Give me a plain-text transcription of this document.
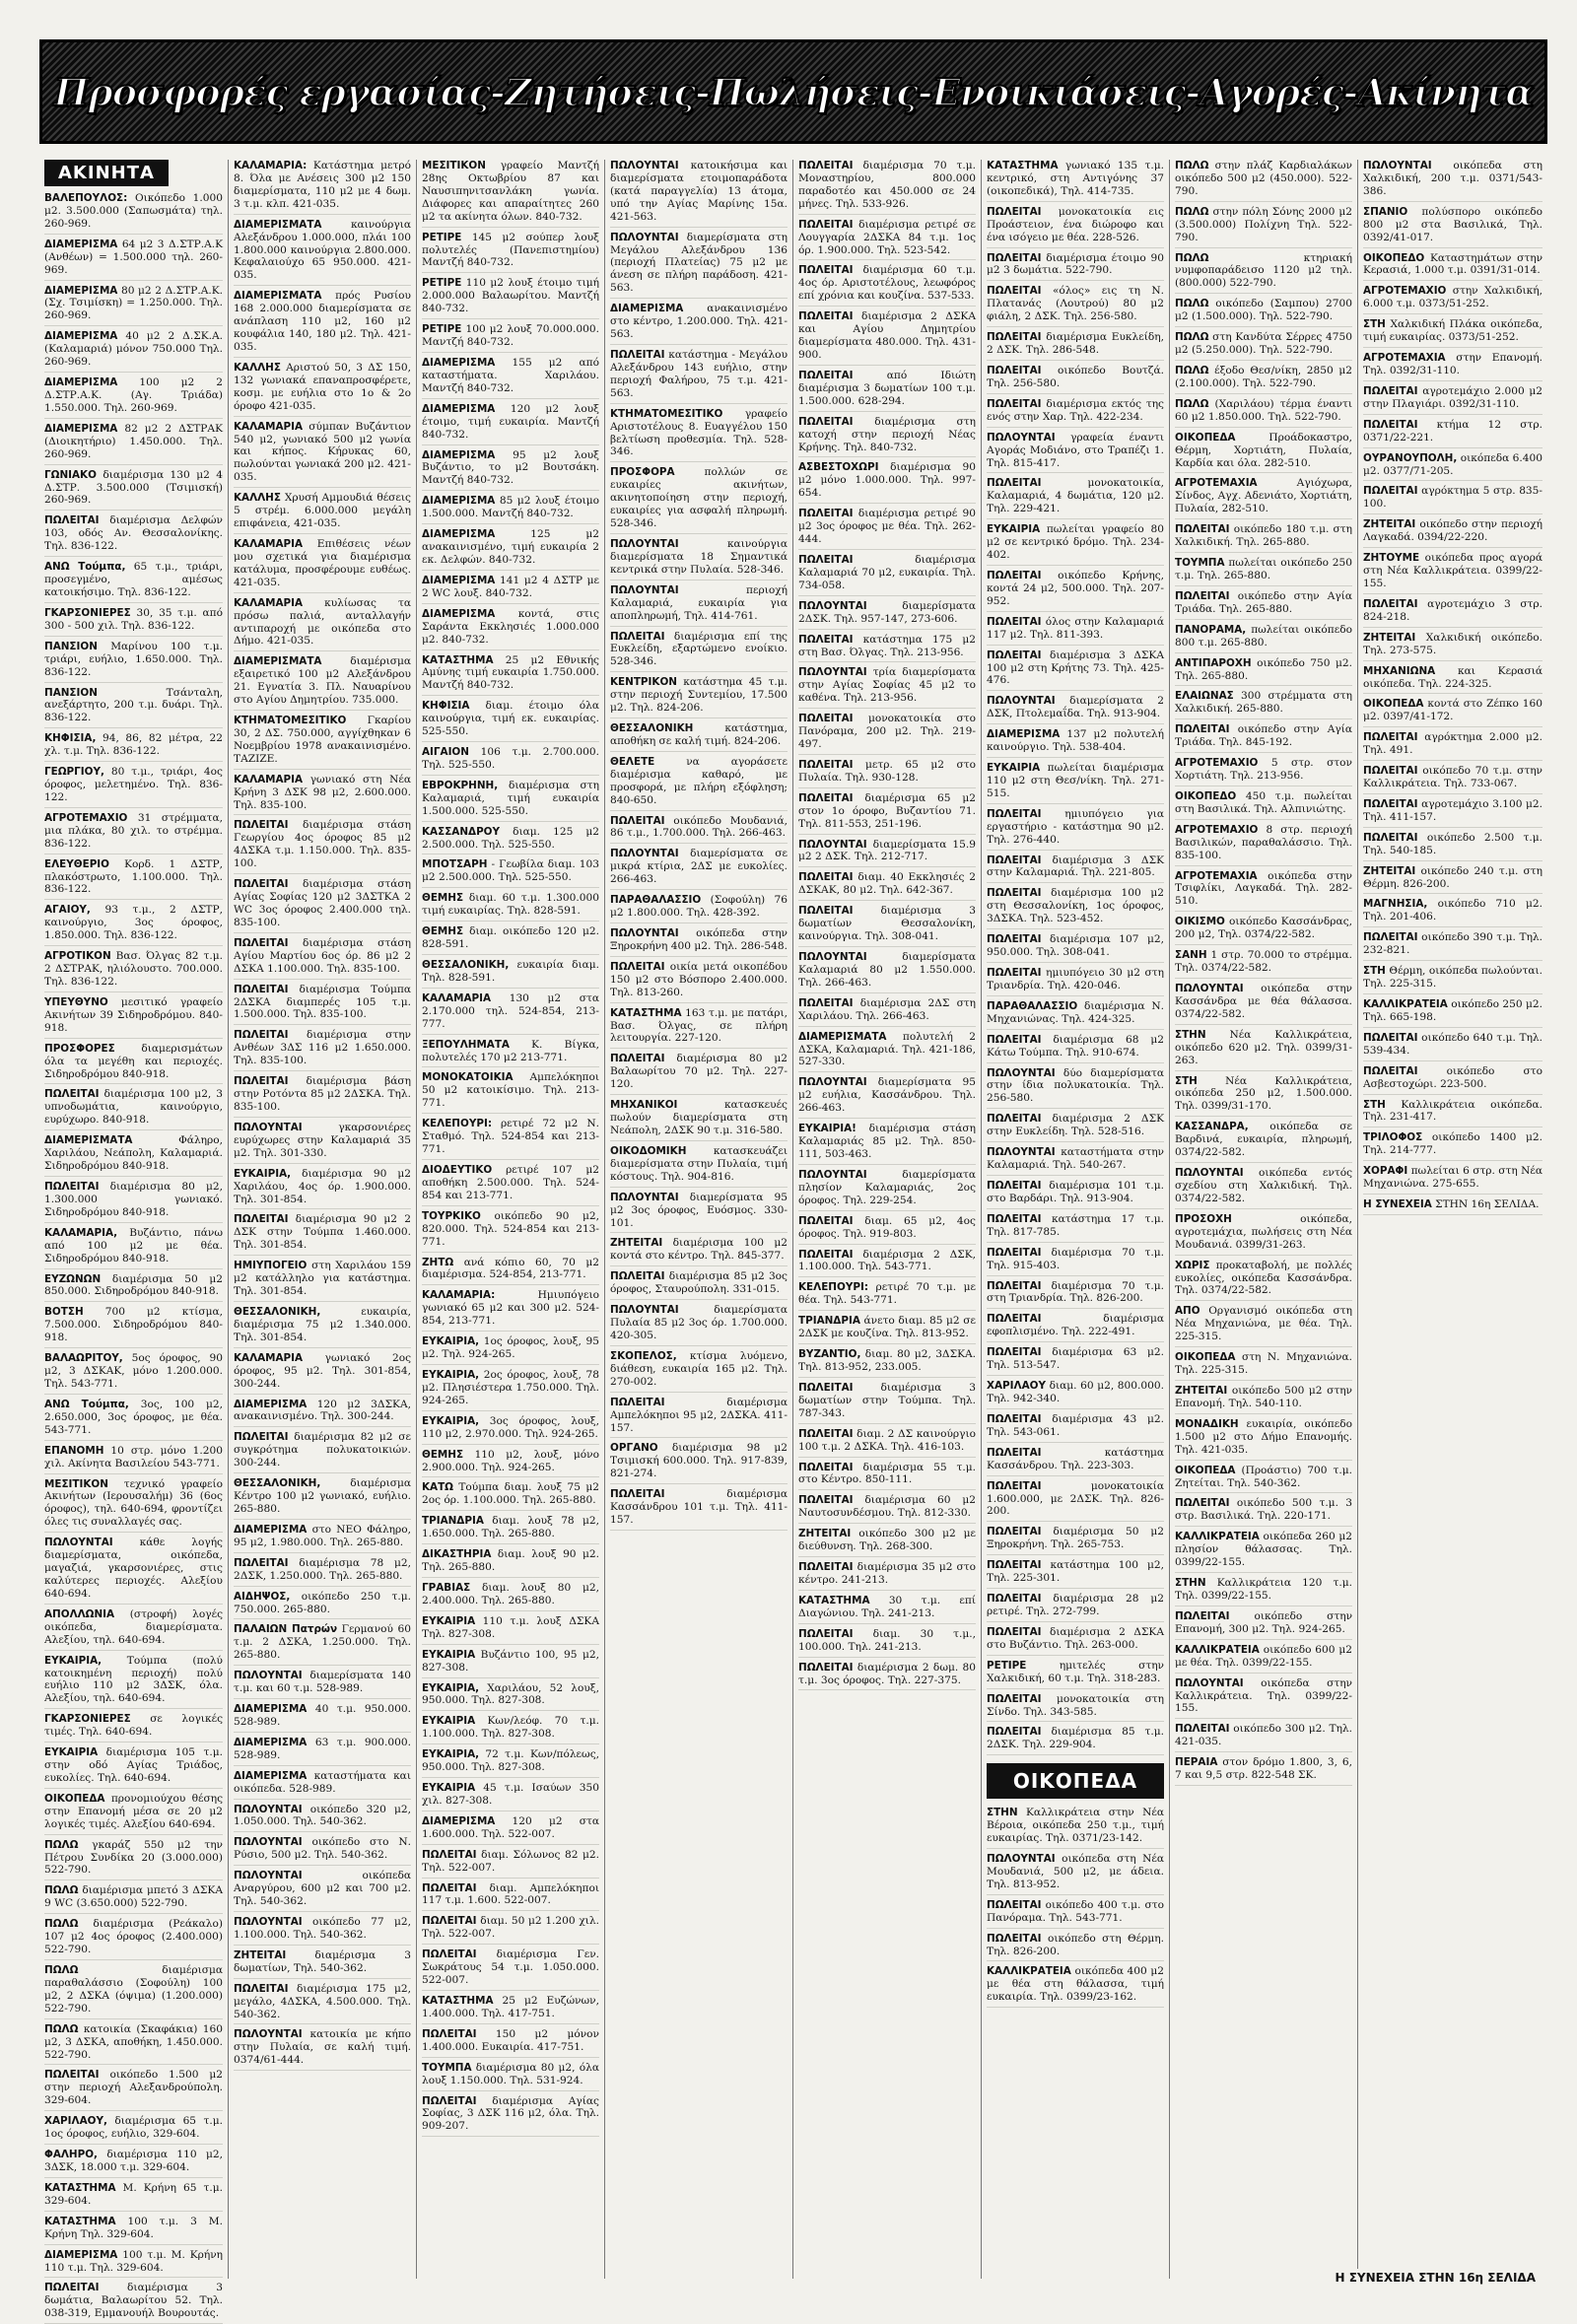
Προσφορές εργασίας-Ζητήσεις-Πωλήσεις-Ενοικιάσεις-Αγορές-Ακίνητα
ΑΚΙΝΗΤΑ

ΒΑΛΕΠΟΥΛΟΣ: Οικόπεδο 1.000 μ2. 3.500.000 (Σαπωσμάτα) τηλ. 260-969.

ΔΙΑΜΕΡΙΣΜΑ 64 μ2 3 Δ.ΣΤΡ.Α.Κ (Ανθέων) = 1.500.000 τηλ. 260-969.

ΔΙΑΜΕΡΙΣΜΑ 80 μ2 2 Δ.ΣΤΡ.Α.Κ. (Σχ. Τσιμίσκη) = 1.250.000. Τηλ. 260-969.

ΔΙΑΜΕΡΙΣΜΑ 40 μ2 2 Δ.ΣΚ.Α. (Καλαμαριά) μόνον 750.000 Τηλ. 260-969.

ΔΙΑΜΕΡΙΣΜΑ 100 μ2 2 Δ.ΣΤΡ.Α.Κ. (Αγ. Τριάδα) 1.550.000. Τηλ. 260-969.

ΔΙΑΜΕΡΙΣΜΑ 82 μ2 2 ΔΣΤΡΑΚ (Διοικητήριο) 1.450.000. Τηλ. 260-969.

ΓΩΝΙΑΚΟ διαμέρισμα 130 μ2 4 Δ.ΣΤΡ. 3.500.000 (Τσιμισκή) 260-969.

ΠΩΛΕΙΤΑΙ διαμέρισμα Δελφών 103, οδός Αν. Θεσσαλονίκης. Τηλ. 836-122.

ΑΝΩ Τούμπα, 65 τ.μ., τριάρι, προσεγμένο, αμέσως κατοικήσιμο. Τηλ. 836-122.

ΓΚΑΡΣΟΝΙΕΡΕΣ 30, 35 τ.μ. από 300 - 500 χιλ. Τηλ. 836-122.

ΠΑΝΣΙΟΝ Μαρίνου 100 τ.μ. τριάρι, ευήλιο, 1.650.000. Τηλ. 836-122.

ΠΑΝΣΙΟΝ	Τσάνταλη, ανεξάρτητο, 200 τ.μ. δυάρι. Τηλ. 836-122.

ΚΗΦΙΣΙΑ, 94, 86, 82 μέτρα, 22 χλ. τ.μ. Τηλ. 836-122.

ΓΕΩΡΓΙΟΥ, 80 τ.μ., τριάρι, 4ος όροφος, μελετημένο. Τηλ. 836-122.

ΑΓΡΟΤΕΜΑΧΙΟ 31 στρέμματα, μια πλάκα, 80 χιλ. το στρέμμα. 836-122.

ΕΛΕΥΘΕΡΙΟ Κορδ. 1 ΔΣΤΡ, πλακόστρωτο, 1.100.000. Τηλ. 836-122.

ΑΓΑΙΟΥ, 93 τ.μ., 2 ΔΣΤΡ, καινούργιο, 3ος όροφος, 1.850.000. Τηλ. 836-122.

ΑΓΡΟΤΙΚΟΝ Βασ. Όλγας 82 τ.μ. 2 ΔΣΤΡΑΚ, ηλιόλουστο. 700.000. Τηλ. 836-122.

ΥΠΕΥΘΥΝΟ μεσιτικό γραφείο Ακινήτων 39 Σιδηροδρόμου. 840-918.

ΠΡΟΣΦΟΡΕΣ	διαμερισμάτων όλα τα μεγέθη και περιοχές. Σιδηροδρόμου 840-918.

ΠΩΛΕΙΤΑΙ διαμέρισμα 100 μ2, 3 υπνοδωμάτια, καινούργιο, ευρύχωρο. 840-918.

ΔΙΑΜΕΡΙΣΜΑΤΑ	Φάληρο, Χαριλάου, Νεάπολη, Καλαμαριά. Σιδηροδρόμου 840-918.

ΠΩΛΕΙΤΑΙ διαμέρισμα 80 μ2, 1.300.000 γωνιακό. Σιδηροδρόμου 840-918.

ΚΑΛΑΜΑΡΙΑ, Βυζάντιο, πάνω από 100 μ2 με θέα. Σιδηροδρόμου 840-918.

ΕΥΖΩΝΩΝ διαμέρισμα 50 μ2 850.000. Σιδηροδρόμου 840-918.

ΒΟΤΣΗ 700 μ2 κτίσμα, 7.500.000. Σιδηροδρόμου 840-918.

ΒΑΛΑΩΡΙΤΟΥ, 5ος όροφος, 90 μ2, 3 ΔΣΚΑΚ, μόνο 1.200.000. Τηλ. 543-771.

ΑΝΩ Τούμπα, 3ος, 100 μ2, 2.650.000, 3ος όροφος, με θέα. 543-771.

ΕΠΑΝΟΜΗ 10 στρ. μόνο 1.200 χιλ. Ακίνητα Βασιλείου 543-771.

ΜΕΣΙΤΙΚΟΝ τεχνικό γραφείο Ακινήτων (Ιερουσαλήμ) 36 (6ος όροφος), τηλ. 640-694, φροντίζει όλες τις συναλλαγές σας.

ΠΩΛΟΥΝΤΑΙ	κάθε λογής διαμερίσματα, οικόπεδα, μαγαζιά, γκαρσονιέρες, στις καλύτερες περιοχές. Αλεξίου 640-694.

ΑΠΟΛΛΩΝΙΑ (στροφή) λογές οικόπεδα, διαμερίσματα. Αλεξίου, τηλ. 640-694.

ΕΥΚΑΙΡΙΑ, Τούμπα (πολύ κατοικημένη περιοχή) πολύ ευήλιο 110 μ2 3ΔΣΚ, όλα. Αλεξίου, τηλ. 640-694.

ΓΚΑΡΣΟΝΙΕΡΕΣ σε λογικές τιμές. Τηλ. 640-694.

ΕΥΚΑΙΡΙΑ διαμέρισμα 105 τ.μ. στην οδό Αγίας Τριάδος, ευκολίες. Τηλ. 640-694.

ΟΙΚΟΠΕΔΑ προνομιούχου θέσης στην Επανομή μέσα σε 20 μ2 λογικές τιμές. Αλεξίου 640-694.

ΠΩΛΩ γκαράζ 550 μ2 την Πέτρου Συνδίκα 20 (3.000.000) 522-790.

ΠΩΛΩ διαμέρισμα μπετό 3 ΔΣΚΑ 9 WC (3.650.000) 522-790.

ΠΩΛΩ διαμέρισμα (Ρεάκαλο) 107 μ2 4ος όροφος (2.400.000) 522-790.

ΠΩΛΩ	διαμέρισμα παραθαλάσσιο (Σοφούλη) 100 μ2, 2 ΔΣΚΑ (όψιμα) (1.200.000) 522-790.

ΠΩΛΩ κατοικία (Σκαφάκια) 160 μ2, 3 ΔΣΚΑ, αποθήκη, 1.450.000. 522-790.

ΠΩΛΕΙΤΑΙ οικόπεδο 1.500 μ2 στην περιοχή Αλεξανδρούπολη. 329-604.

ΧΑΡΙΛΑΟΥ, διαμέρισμα 65 τ.μ. 1ος όροφος, ευήλιο, 329-604.

ΦΑΛΗΡΟ, διαμέρισμα 110 μ2, 3ΔΣΚ, 18.000 τ.μ. 329-604.

ΚΑΤΑΣΤΗΜΑ Μ. Κρήνη 65 τ.μ. 329-604.

ΚΑΤΑΣΤΗΜΑ 100 τ.μ. 3 Μ. Κρήνη Τηλ. 329-604.

ΔΙΑΜΕΡΙΣΜΑ 100 τ.μ. Μ. Κρήνη 110 τ.μ. Τηλ. 329-604.

ΠΩΛΕΙΤΑΙ	διαμέρισμα 3 δωμάτια, Βαλαωρίτου 52. Τηλ. 038-319, Εμμανουήλ Βουρουτάς.

ΚΑΛΑΜΑΡΙΑ: Κατάστημα μετρό 8. Όλα με Ανέσεις 300 μ2 150 διαμερίσματα, 110 μ2 με 4 δωμ. 3 τ.μ. κλπ. 421-035.

ΔΙΑΜΕΡΙΣΜΑΤΑ	καινούργια Αλεξάνδρου 1.000.000, πλάι 100 1.800.000 καινούργια 2.800.000. Κεφαλαιούχο 65 950.000. 421-035.

ΔΙΑΜΕΡΙΣΜΑΤΑ πρός Ρυσίου 168 2.000.000 διαμερίσματα σε ανάπλαση 110 μ2, 160 μ2 κουφάλια 140, 180 μ2. Τηλ. 421-035.

ΚΑΛΛΗΣ Αριστού 50, 3 ΔΣ 150, 132 γωνιακά επαναπροσφέρετε, κοσμ. με ευήλια στο 1ο & 2ο όροφο 421-035.

ΚΑΛΑΜΑΡΙΑ σύμπαν Βυζάντιον 540 μ2, γωνιακό 500 μ2 γωνία και κήπος. Κήρυκας 60, πωλούνται γωνιακά 200 μ2. 421-035.

ΚΑΛΛΗΣ Χρυσή Αμμουδιά θέσεις 5 στρέμ. 6.000.000 μεγάλη επιφάνεια, 421-035.

ΚΑΛΑΜΑΡΙΑ Επιθέσεις νέων μου σχετικά για διαμέρισμα κατάλυμα, προσφέρουμε ευθέως. 421-035.

ΚΑΛΑΜΑΡΙΑ κυλίωσας τα πρόσω παλιά, ανταλλαγήν αντιπαροχή με οικόπεδα στο Δήμο. 421-035.

ΔΙΑΜΕΡΙΣΜΑΤΑ	διαμέρισμα εξαιρετικό 100 μ2 Αλεξάνδρου 21. Εγνατία 3. Πλ. Ναυαρίνου στο Αγίου Δημητρίου. 735.000.

ΚΤΗΜΑΤΟΜΕΣΙΤΙΚΟ Γκαρίου 30, 2 ΔΣ. 750.000, αγγίχθηκαν 6 Νοεμβρίου 1978 ανακαινισμένο. ΤΑΖΙΖΕ.

ΚΑΛΑΜΑΡΙΑ γωνιακό στη Νέα Κρήνη 3 ΔΣΚ 98 μ2, 2.600.000. Τηλ. 835-100.

ΠΩΛΕΙΤΑΙ διαμέρισμα στάση Γεωργίου 4ος όροφος 85 μ2 4ΔΣΚΑ τ.μ. 1.150.000. Τηλ. 835-100.

ΠΩΛΕΙΤΑΙ διαμέρισμα στάση Αγίας Σοφίας 120 μ2 3ΔΣΤΚΑ 2 WC 3ος όροφος 2.400.000 τηλ. 835-100.

ΠΩΛΕΙΤΑΙ διαμέρισμα στάση Αγίου Μαρτίου 6ος όρ. 86 μ2 2 ΔΣΚΑ 1.100.000. Τηλ. 835-100.

ΠΩΛΕΙΤΑΙ διαμέρισμα Τούμπα 2ΔΣΚΑ διαμπερές 105 τ.μ. 1.500.000. Τηλ. 835-100.

ΠΩΛΕΙΤΑΙ διαμέρισμα στην Ανθέων 3ΔΣ 116 μ2 1.650.000. Τηλ. 835-100.

ΠΩΛΕΙΤΑΙ διαμέρισμα βάση στην Ροτόντα 85 μ2 2ΔΣΚΑ. Τηλ. 835-100.

ΠΩΛΟΥΝΤΑΙ	γκαρσονιέρες ευρύχωρες στην Καλαμαριά 35 μ2. Τηλ. 301-330.

ΕΥΚΑΙΡΙΑ, διαμέρισμα 90 μ2 Χαριλάου, 4ος όρ. 1.900.000. Τηλ. 301-854.

ΠΩΛΕΙΤΑΙ διαμέρισμα 90 μ2 2 ΔΣΚ στην Τούμπα 1.460.000. Τηλ. 301-854.

ΗΜΙΥΠΟΓΕΙΟ στη Χαριλάου 159 μ2 κατάλληλο για κατάστημα. Τηλ. 301-854.

ΘΕΣΣΑΛΟΝΙΚΗ,	ευκαιρία, διαμέρισμα 75 μ2 1.340.000. Τηλ. 301-854.

ΚΑΛΑΜΑΡΙΑ γωνιακό 2ος όροφος, 95 μ2. Τηλ. 301-854, 300-244.

ΔΙΑΜΕΡΙΣΜΑ 120 μ2 3ΔΣΚΑ, ανακαινισμένο. Τηλ. 300-244.

ΠΩΛΕΙΤΑΙ διαμέρισμα 82 μ2 σε συγκρότημα πολυκατοικιών. 300-244.

ΘΕΣΣΑΛΟΝΙΚΗ,	διαμέρισμα Κέντρο 100 μ2 γωνιακό, ευήλιο. 265-880.

ΔΙΑΜΕΡΙΣΜΑ στο ΝΕΟ Φάληρο, 95 μ2, 1.980.000. Τηλ. 265-880.

ΠΩΛΕΙΤΑΙ διαμέρισμα 78 μ2, 2ΔΣΚ, 1.250.000. Τηλ. 265-880.

ΑΙΔΗΨΟΣ, οικόπεδο 250 τ.μ. 750.000. 265-880.

ΠΑΛΑΙΩΝ Πατρών Γερμανού 60 τ.μ. 2 ΔΣΚΑ, 1.250.000. Τηλ. 265-880.

ΠΩΛΟΥΝΤΑΙ διαμερίσματα 140 τ.μ. και 60 τ.μ. 528-989.

ΔΙΑΜΕΡΙΣΜΑ 40 τ.μ. 950.000. 528-989.

ΔΙΑΜΕΡΙΣΜΑ 63 τ.μ. 900.000. 528-989.

ΔΙΑΜΕΡΙΣΜΑ καταστήματα και οικόπεδα. 528-989.

ΠΩΛΟΥΝΤΑΙ οικόπεδο 320 μ2, 1.050.000. Τηλ. 540-362.

ΠΩΛΟΥΝΤΑΙ οικόπεδο στο Ν. Ρύσιο, 500 μ2. Τηλ. 540-362.

ΠΩΛΟΥΝΤΑΙ	οικόπεδα Αναργύρου, 600 μ2 και 700 μ2. Τηλ. 540-362.

ΠΩΛΟΥΝΤΑΙ οικόπεδο 77 μ2, 1.100.000. Τηλ. 540-362.

ΖΗΤΕΙΤΑΙ	διαμέρισμα 3 δωματίων, Τηλ. 540-362.

ΠΩΛΕΙΤΑΙ διαμέρισμα 175 μ2, μεγάλο, 4ΔΣΚΑ, 4.500.000. Τηλ. 540-362.

ΠΩΛΟΥΝΤΑΙ κατοικία με κήπο στην Πυλαία, σε καλή τιμή. 0374/61-444.

ΜΕΣΙΤΙΚΟΝ γραφείο Μαντζή 28ης Οκτωβρίου 87 και Ναυσιπηνιτσανλάκη γωνία. Διάφορες και απαραίτητες 260 μ2 τα ακίνητα όλων. 840-732.

ΡΕΤΙΡΕ 145 μ2 σούπερ λουξ πολυτελές (Πανεπιστημίου) Μαντζή 840-732.

ΡΕΤΙΡΕ 110 μ2 λουξ έτοιμο τιμή 2.000.000 Βαλαωρίτου. Μαντζή 840-732.

ΡΕΤΙΡΕ 100 μ2 λουξ 70.000.000. Μαντζή 840-732.

ΔΙΑΜΕΡΙΣΜΑ 155 μ2 από καταστήματα. Χαριλάου. Μαντζή 840-732.

ΔΙΑΜΕΡΙΣΜΑ 120 μ2 λουξ έτοιμο, τιμή ευκαιρία. Μαντζή 840-732.

ΔΙΑΜΕΡΙΣΜΑ 95 μ2 λουξ Βυζάντιο, το μ2 Βουτσάκη. Μαντζή 840-732.

ΔΙΑΜΕΡΙΣΜΑ 85 μ2 λουξ έτοιμο 1.500.000. Μαντζή 840-732.

ΔΙΑΜΕΡΙΣΜΑ	125 μ2 ανακαινισμένο, τιμή ευκαιρία 2 εκ. Δελφών. 840-732.

ΔΙΑΜΕΡΙΣΜΑ 141 μ2 4 ΔΣΤΡ με 2 WC λουξ. 840-732.

ΔΙΑΜΕΡΙΣΜΑ κοντά, στις Σαράντα Εκκλησιές 1.000.000 μ2. 840-732.

ΚΑΤΑΣΤΗΜΑ 25 μ2 Εθνικής Αμύνης τιμή ευκαιρία 1.750.000. Μαντζή 840-732.

ΚΗΦΙΣΙΑ διαμ. έτοιμο όλα καινούργια, τιμή εκ. ευκαιρίας. 525-550.

ΑΙΓΑΙΟΝ 106 τ.μ. 2.700.000. Τηλ. 525-550.

ΕΒΡΟΚΡΗΝΗ, διαμέρισμα στη Καλαμαριά, τιμή ευκαιρία 1.500.000. 525-550.

ΚΑΣΣΑΝΔΡΟΥ διαμ. 125 μ2 2.500.000. Τηλ. 525-550.

ΜΠΟΤΣΑΡΗ - Γεωβίλα διαμ. 103 μ2 2.500.000. Τηλ. 525-550.

ΘΕΜΗΣ διαμ. 60 τ.μ. 1.300.000 τιμή ευκαιρίας. Τηλ. 828-591.

ΘΕΜΗΣ διαμ. οικόπεδο 120 μ2. 828-591.

ΘΕΣΣΑΛΟΝΙΚΗ, ευκαιρία διαμ. Τηλ. 828-591.

ΚΑΛΑΜΑΡΙΑ 130 μ2 στα 2.170.000 τηλ. 524-854, 213-777.

ΞΕΠΟΥΛΗΜΑΤΑ Κ. Βίγκα, πολυτελές 170 μ2 213-771.

ΜΟΝΟΚΑΤΟΙΚΙΑ Αμπελόκηποι 50 μ2 κατοικίσιμο. Τηλ. 213-771.

ΚΕΛΕΠΟΥΡΙ: ρετιρέ 72 μ2 Ν. Σταθμό. Τηλ. 524-854 και 213-771.

ΔΙΟΔΕΥΤΙΚΟ ρετιρέ 107 μ2 αποθήκη 2.500.000. Τηλ. 524-854 και 213-771.

ΤΟΥΡΚΙΚΟ οικόπεδο 90 μ2, 820.000. Τηλ. 524-854 και 213-771.

ΖΗΤΩ ανά κόπιο 60, 70 μ2 διαμέρισμα. 524-854, 213-771.

ΚΑΛΑΜΑΡΙΑ:	Ημιυπόγειο γωνιακό 65 μ2 και 300 μ2. 524-854, 213-771.

ΕΥΚΑΙΡΙΑ, 1ος όροφος, λουξ, 95 μ2. Τηλ. 924-265.

ΕΥΚΑΙΡΙΑ, 2ος όροφος, λουξ, 78 μ2. Πλησιέστερα 1.750.000. Τηλ. 924-265.

ΕΥΚΑΙΡΙΑ, 3ος όροφος, λουξ, 110 μ2, 2.970.000. Τηλ. 924-265.

ΘΕΜΗΣ 110 μ2, λουξ, μόνο 2.900.000. Τηλ. 924-265.

ΚΑΤΩ Τούμπα διαμ. λουξ 75 μ2 2ος όρ. 1.100.000. Τηλ. 265-880.

ΤΡΙΑΝΔΡΙΑ διαμ. λουξ 78 μ2, 1.650.000. Τηλ. 265-880.

ΔΙΚΑΣΤΗΡΙΑ διαμ. λουξ 90 μ2. Τηλ. 265-880.

ΓΡΑΒΙΑΣ διαμ. λουξ 80 μ2, 2.400.000. Τηλ. 265-880.

ΕΥΚΑΙΡΙΑ 110 τ.μ. λουξ ΔΣΚΑ Τηλ. 827-308.

ΕΥΚΑΙΡΙΑ Βυζάντιο 100, 95 μ2, 827-308.

ΕΥΚΑΙΡΙΑ, Χαριλάου, 52 λουξ, 950.000. Τηλ. 827-308.

ΕΥΚΑΙΡΙΑ Κων/λεόφ. 70 τ.μ. 1.100.000. Τηλ. 827-308.

ΕΥΚΑΙΡΙΑ, 72 τ.μ. Κων/πόλεως, 950.000. Τηλ. 827-308.

ΕΥΚΑΙΡΙΑ 45 τ.μ. Ισαύων 350 χιλ. 827-308.

ΔΙΑΜΕΡΙΣΜΑ 120 μ2 στα 1.600.000. Τηλ. 522-007.

ΠΩΛΕΙΤΑΙ διαμ. Σόλωνος 82 μ2. Τηλ. 522-007.

ΠΩΛΕΙΤΑΙ διαμ. Αμπελόκηποι 117 τ.μ. 1.600. 522-007.

ΠΩΛΕΙΤΑΙ διαμ. 50 μ2 1.200 χιλ. Τηλ. 522-007.

ΠΩΛΕΙΤΑΙ διαμέρισμα Γεν. Σωκράτους 54 τ.μ. 1.050.000. 522-007.

ΚΑΤΑΣΤΗΜΑ 25 μ2 Ευζώνων, 1.400.000. Τηλ. 417-751.

ΠΩΛΕΙΤΑΙ 150 μ2 μόνον 1.400.000. Ευκαιρία. 417-751.

ΤΟΥΜΠΑ διαμέρισμα 80 μ2, όλα λουξ 1.150.000. Τηλ. 531-924.

ΠΩΛΕΙΤΑΙ διαμέρισμα Αγίας Σοφίας, 3 ΔΣΚ 116 μ2, όλα. Τηλ. 909-207.

ΠΩΛΟΥΝΤΑΙ κατοικήσιμα και διαμερίσματα ετοιμοπαράδοτα (κατά παραγγελία) 13 άτομα, υπό την Αγίας Μαρίνης 15α. 421-563.

ΠΩΛΟΥΝΤΑΙ διαμερίσματα στη Μεγάλου Αλεξάνδρου 136 (περιοχή Πλατείας) 75 μ2 με άνεση σε πλήρη παράδοση. 421-563.

ΔΙΑΜΕΡΙΣΜΑ ανακαινισμένο στο κέντρο, 1.200.000. Τηλ. 421-563.

ΠΩΛΕΙΤΑΙ κατάστημα - Μεγάλου Αλεξάνδρου 143 ευήλιο, στην περιοχή Φαλήρου, 75 τ.μ. 421-563.

ΚΤΗΜΑΤΟΜΕΣΙΤΙΚΟ γραφείο Αριστοτέλους 8. Ευαγγέλου 150 βελτίωση προθεσμία. Τηλ. 528-346.

ΠΡΟΣΦΟΡΑ	πολλών σε ευκαιρίες ακινήτων, ακινητοποίηση στην περιοχή, ευκαιρίες για ασφαλή πληρωμή. 528-346.

ΠΩΛΟΥΝΤΑΙ	καινούργια διαμερίσματα 18 Σημαντικά κεντρικά στην Πυλαία. 528-346.

ΠΩΛΟΥΝΤΑΙ	περιοχή Καλαμαριά, ευκαιρία για αποπληρωμή, Τηλ. 414-761.

ΠΩΛΕΙΤΑΙ διαμέρισμα επί της Ευκλείδη, εξαρτώμενο ενοίκιο. 528-346.

ΚΕΝΤΡΙΚΟΝ κατάστημα 45 τ.μ. στην περιοχή Συντεμίου, 17.500 μ2. Τηλ. 824-206.

ΘΕΣΣΑΛΟΝΙΚΗ	κατάστημα, αποθήκη σε καλή τιμή. 824-206.

ΘΕΛΕΤΕ	να αγοράσετε διαμέρισμα καθαρό, με προσφορά, με πλήρη εξόφληση; 840-650.

ΠΩΛΕΙΤΑΙ οικόπεδο Μουδανιά, 86 τ.μ., 1.700.000. Τηλ. 266-463.

ΠΩΛΟΥΝΤΑΙ διαμερίσματα σε μικρά κτίρια, 2ΔΣ με ευκολίες. 266-463.

ΠΑΡΑΘΑΛΑΣΣΙΟ (Σοφούλη) 76 μ2 1.800.000. Τηλ. 428-392.

ΠΩΛΟΥΝΤΑΙ οικόπεδα στην Ξηροκρήνη 400 μ2. Τηλ. 286-548.

ΠΩΛΕΙΤΑΙ οικία μετά οικοπέδου 150 μ2 στο Βόσπορο 2.400.000. Τηλ. 813-260.

ΚΑΤΑΣΤΗΜΑ 163 τ.μ. με πατάρι, Βασ. Όλγας, σε πλήρη λειτουργία. 227-120.

ΠΩΛΕΙΤΑΙ διαμέρισμα 80 μ2 Βαλαωρίτου 70 μ2. Τηλ. 227-120.

ΜΗΧΑΝΙΚΟΙ	κατασκευές πωλούν διαμερίσματα στη Νεάπολη, 2ΔΣΚ 90 τ.μ. 316-580.

ΟΙΚΟΔΟΜΙΚΗ	κατασκευάζει διαμερίσματα στην Πυλαία, τιμή κόστους. Τηλ. 904-816.

ΠΩΛΟΥΝΤΑΙ διαμερίσματα 95 μ2 3ος όροφος, Ευόσμος. 330-101.

ΖΗΤΕΙΤΑΙ διαμέρισμα 100 μ2 κοντά στο κέντρο. Τηλ. 845-377.

ΠΩΛΕΙΤΑΙ διαμέρισμα 85 μ2 3ος όροφος, Σταυρούπολη. 331-015.

ΠΩΛΟΥΝΤΑΙ	διαμερίσματα Πυλαία 85 μ2 3ος όρ. 1.700.000. 420-305.

ΣΚΟΠΕΛΟΣ, κτίσμα λυόμενο, διάθεση, ευκαιρία 165 μ2. Τηλ. 270-002.

ΠΩΛΕΙΤΑΙ	διαμέρισμα Αμπελόκηποι 95 μ2, 2ΔΣΚΑ. 411-157.

ΟΡΓΑΝΟ διαμέρισμα 98 μ2 Τσιμισκή 600.000. Τηλ. 917-839, 821-274.

ΠΩΛΕΙΤΑΙ	διαμέρισμα Κασσάνδρου 101 τ.μ. Τηλ. 411-157.

ΠΩΛΕΙΤΑΙ διαμέρισμα 70 τ.μ. Μοναστηρίου, 800.000 παραδοτέο και 450.000 σε 24 μήνες. Τηλ. 533-926.

ΠΩΛΕΙΤΑΙ διαμέρισμα ρετιρέ σε Λουγγαρία 2ΔΣΚΑ 84 τ.μ. 1ος όρ. 1.900.000. Τηλ. 523-542.

ΠΩΛΕΙΤΑΙ διαμέρισμα 60 τ.μ. 4ος όρ. Αριστοτέλους, λεωφόρος επί χρόνια και κουζίνα. 537-533.

ΠΩΛΕΙΤΑΙ διαμέρισμα 2 ΔΣΚΑ και Αγίου Δημητρίου διαμερίσματα 480.000. Τηλ. 431-900.

ΠΩΛΕΙΤΑΙ	από Ιδιώτη διαμέρισμα 3 δωματίων 100 τ.μ. 1.500.000. 628-294.

ΠΩΛΕΙΤΑΙ διαμέρισμα στη κατοχή στην περιοχή Νέας Κρήνης. Τηλ. 840-732.

ΑΣΒΕΣΤΟΧΩΡΙ διαμέρισμα 90 μ2 μόνο 1.000.000. Τηλ. 997-654.

ΠΩΛΕΙΤΑΙ διαμέρισμα ρετιρέ 90 μ2 3ος όροφος με θέα. Τηλ. 262-444.

ΠΩΛΕΙΤΑΙ	διαμέρισμα Καλαμαριά 70 μ2, ευκαιρία. Τηλ. 734-058.

ΠΩΛΟΥΝΤΑΙ	διαμερίσματα 2ΔΣΚ. Τηλ. 957-147, 273-606.

ΠΩΛΕΙΤΑΙ κατάστημα 175 μ2 στη Βασ. Όλγας. Τηλ. 213-956.

ΠΩΛΟΥΝΤΑΙ τρία διαμερίσματα στην Αγίας Σοφίας 45 μ2 το καθένα. Τηλ. 213-956.

ΠΩΛΕΙΤΑΙ μονοκατοικία στο Πανόραμα, 200 μ2. Τηλ. 219-497.

ΠΩΛΕΙΤΑΙ μετρ. 65 μ2 στο Πυλαία. Τηλ. 930-128.

ΠΩΛΕΙΤΑΙ διαμέρισμα 65 μ2 στον 1ο όροφο, Βυζαντίου 71. Τηλ. 811-553, 251-196.

ΠΩΛΟΥΝΤΑΙ διαμερίσματα 15.9 μ2 2 ΔΣΚ. Τηλ. 212-717.

ΠΩΛΕΙΤΑΙ διαμ. 40 Εκκλησιές 2 ΔΣΚΑΚ, 80 μ2. Τηλ. 642-367.

ΠΩΛΕΙΤΑΙ	διαμέρισμα 3 δωματίων Θεσσαλονίκη, καινούργια. Τηλ. 308-041.

ΠΩΛΟΥΝΤΑΙ	διαμερίσματα Καλαμαριά 80 μ2 1.550.000. Τηλ. 266-463.

ΠΩΛΕΙΤΑΙ διαμέρισμα 2ΔΣ στη Χαριλάου. Τηλ. 266-463.

ΔΙΑΜΕΡΙΣΜΑΤΑ πολυτελή 2 ΔΣΚΑ, Καλαμαριά. Τηλ. 421-186, 527-330.

ΠΩΛΟΥΝΤΑΙ διαμερίσματα 95 μ2 ευήλια, Κασσάνδρου. Τηλ. 266-463.

ΕΥΚΑΙΡΙΑ! διαμέρισμα στάση Καλαμαριάς 85 μ2. Τηλ. 850-111, 503-463.

ΠΩΛΟΥΝΤΑΙ	διαμερίσματα πλησίον Καλαμαριάς, 2ος όροφος. Τηλ. 229-254.

ΠΩΛΕΙΤΑΙ διαμ. 65 μ2, 4ος όροφος. Τηλ. 919-803.

ΠΩΛΕΙΤΑΙ διαμέρισμα 2 ΔΣΚ, 1.100.000. Τηλ. 543-771.

ΚΕΛΕΠΟΥΡΙ: ρετιρέ 70 τ.μ. με θέα. Τηλ. 543-771.

ΤΡΙΑΝΔΡΙΑ άνετο διαμ. 85 μ2 σε 2ΔΣΚ με κουζίνα. Τηλ. 813-952.

ΒΥΖΑΝΤΙΟ, διαμ. 80 μ2, 3ΔΣΚΑ. Τηλ. 813-952, 233.005.

ΠΩΛΕΙΤΑΙ	διαμέρισμα 3 δωματίων στην Τούμπα. Τηλ. 787-343.

ΠΩΛΕΙΤΑΙ διαμ. 2 ΔΣ καινούργιο 100 τ.μ. 2 ΔΣΚΑ. Τηλ. 416-103.

ΠΩΛΕΙΤΑΙ διαμέρισμα 55 τ.μ. στο Κέντρο. 850-111.

ΠΩΛΕΙΤΑΙ διαμέρισμα 60 μ2 Ναυτοσυνδέσμου. Τηλ. 812-330.

ΖΗΤΕΙΤΑΙ οικόπεδο 300 μ2 με διεύθυνση. Τηλ. 268-300.

ΠΩΛΕΙΤΑΙ διαμέρισμα 35 μ2 στο κέντρο. 241-213.

ΚΑΤΑΣΤΗΜΑ 30 τ.μ. επί Διαγώνιου. Τηλ. 241-213.

ΠΩΛΕΙΤΑΙ διαμ. 30 τ.μ., 100.000. Τηλ. 241-213.

ΠΩΛΕΙΤΑΙ διαμέρισμα 2 δωμ. 80 τ.μ. 3ος όροφος. Τηλ. 227-375.

ΚΑΤΑΣΤΗΜΑ γωνιακό 135 τ.μ. κεντρικό, στη Αντιγόνης 37 (οικοπεδικά), Τηλ. 414-735.

ΠΩΛΕΙΤΑΙ μονοκατοικία εις Προάστειον, ένα διώροφο και ένα ισόγειο με θέα. 228-526.

ΠΩΛΕΙΤΑΙ διαμέρισμα έτοιμο 90 μ2 3 δωμάτια. 522-790.

ΠΩΛΕΙΤΑΙ «όλος» εις τη Ν. Πλατανάς (Λουτρού) 80 μ2 φιάλη, 2 ΔΣΚ. Τηλ. 256-580.

ΠΩΛΕΙΤΑΙ διαμέρισμα Ευκλείδη, 2 ΔΣΚ. Τηλ. 286-548.

ΠΩΛΕΙΤΑΙ οικόπεδο Βουτζά. Τηλ. 256-580.

ΠΩΛΕΙΤΑΙ διαμέρισμα εκτός της ενός στην Χαρ. Τηλ. 422-234.

ΠΩΛΟΥΝΤΑΙ γραφεία έναντι Αγοράς Μοδιάνο, στο Τραπέζι 1. Τηλ. 815-417.

ΠΩΛΕΙΤΑΙ	μονοκατοικία, Καλαμαριά, 4 δωμάτια, 120 μ2. Τηλ. 229-421.

ΕΥΚΑΙΡΙΑ πωλείται γραφείο 80 μ2 σε κεντρικό δρόμο. Τηλ. 234-402.

ΠΩΛΕΙΤΑΙ οικόπεδο Κρήνης, κοντά 24 μ2, 500.000. Τηλ. 207-952.

ΠΩΛΕΙΤΑΙ όλος στην Καλαμαριά 117 μ2. Τηλ. 811-393.

ΠΩΛΕΙΤΑΙ διαμέρισμα 3 ΔΣΚΑ 100 μ2 στη Κρήτης 73. Τηλ. 425-476.

ΠΩΛΟΥΝΤΑΙ διαμερίσματα 2 ΔΣΚ, Πτολεμαΐδα. Τηλ. 913-904.

ΔΙΑΜΕΡΙΣΜΑ 137 μ2 πολυτελή καινούργιο. Τηλ. 538-404.

ΕΥΚΑΙΡΙΑ πωλείται διαμέρισμα 110 μ2 στη Θεσ/νίκη. Τηλ. 271-515.

ΠΩΛΕΙΤΑΙ ημιυπόγειο για εργαστήριο - κατάστημα 90 μ2. Τηλ. 276-440.

ΠΩΛΕΙΤΑΙ διαμέρισμα 3 ΔΣΚ στην Καλαμαριά. Τηλ. 221-805.

ΠΩΛΕΙΤΑΙ διαμέρισμα 100 μ2 στη Θεσσαλονίκη, 1ος όροφος, 3ΔΣΚΑ. Τηλ. 523-452.

ΠΩΛΕΙΤΑΙ διαμέρισμα 107 μ2, 950.000. Τηλ. 308-041.

ΠΩΛΕΙΤΑΙ ημιυπόγειο 30 μ2 στη Τριανδρία. Τηλ. 420-046.

ΠΑΡΑΘΑΛΑΣΣΙΟ διαμέρισμα Ν. Μηχανιώνας. Τηλ. 424-325.

ΠΩΛΕΙΤΑΙ διαμέρισμα 68 μ2 Κάτω Τούμπα. Τηλ. 910-674.

ΠΩΛΟΥΝΤΑΙ δύο διαμερίσματα στην ίδια πολυκατοικία. Τηλ. 256-580.

ΠΩΛΕΙΤΑΙ διαμέρισμα 2 ΔΣΚ στην Ευκλείδη. Τηλ. 528-516.

ΠΩΛΟΥΝΤΑΙ καταστήματα στην Καλαμαριά. Τηλ. 540-267.

ΠΩΛΕΙΤΑΙ διαμέρισμα 101 τ.μ. στο Βαρδάρι. Τηλ. 913-904.

ΠΩΛΕΙΤΑΙ κατάστημα 17 τ.μ. Τηλ. 817-785.

ΠΩΛΕΙΤΑΙ διαμέρισμα 70 τ.μ. Τηλ. 915-403.

ΠΩΛΕΙΤΑΙ διαμέρισμα 70 τ.μ. στη Τριανδρία. Τηλ. 826-200.

ΠΩΛΕΙΤΑΙ	διαμέρισμα εφοπλισμένο. Τηλ. 222-491.

ΠΩΛΕΙΤΑΙ διαμέρισμα 63 μ2. Τηλ. 513-547.

ΧΑΡΙΛΑΟΥ διαμ. 60 μ2, 800.000. Τηλ. 942-340.

ΠΩΛΕΙΤΑΙ διαμέρισμα 43 μ2. Τηλ. 543-061.

ΠΩΛΕΙΤΑΙ	κατάστημα Κασσάνδρου. Τηλ. 223-303.

ΠΩΛΕΙΤΑΙ	μονοκατοικία 1.600.000, με 2ΔΣΚ. Τηλ. 826-200.

ΠΩΛΕΙΤΑΙ διαμέρισμα 50 μ2 Ξηροκρήνη. Τηλ. 265-753.

ΠΩΛΕΙΤΑΙ κατάστημα 100 μ2, Τηλ. 225-301.

ΠΩΛΕΙΤΑΙ διαμέρισμα 28 μ2 ρετιρέ. Τηλ. 272-799.

ΠΩΛΕΙΤΑΙ διαμέρισμα 2 ΔΣΚΑ στο Βυζάντιο. Τηλ. 263-000.

ΡΕΤΙΡΕ	ημιτελές στην Χαλκιδική, 60 τ.μ. Τηλ. 318-283.

ΠΩΛΕΙΤΑΙ μονοκατοικία στη Σίνδο. Τηλ. 343-585.

ΠΩΛΕΙΤΑΙ διαμέρισμα 85 τ.μ. 2ΔΣΚ. Τηλ. 229-904.

ΟΙΚΟΠΕΔΑ

ΣΤΗΝ Καλλικράτεια στην Νέα Βέροια, οικόπεδα 250 τ.μ., τιμή ευκαιρίας. Τηλ. 0371/23-142.

ΠΩΛΟΥΝΤΑΙ οικόπεδα στη Νέα Μουδανιά, 500 μ2, με άδεια. Τηλ. 813-952.

ΠΩΛΕΙΤΑΙ οικόπεδο 400 τ.μ. στο Πανόραμα. Τηλ. 543-771.

ΠΩΛΕΙΤΑΙ οικόπεδο στη Θέρμη. Τηλ. 826-200.

ΚΑΛΛΙΚΡΑΤΕΙΑ οικόπεδα 400 μ2 με θέα στη θάλασσα, τιμή ευκαιρία. Τηλ. 0399/23-162.

ΠΩΛΩ στην πλάζ Καρδιαλάκων οικόπεδο 500 μ2 (450.000). 522-790.

ΠΩΛΩ στην πόλη Σόνης 2000 μ2 (3.500.000) Πολίχνη Τηλ. 522-790.

ΠΩΛΩ	κτηριακή νυμφοπαράδεισο 1120 μ2 τηλ. (800.000) 522-790.

ΠΩΛΩ οικόπεδο (Σαμπου) 2700 μ2 (1.500.000). Τηλ. 522-790.

ΠΩΛΩ στη Κανδύτα Σέρρες 4750 μ2 (5.250.000). Τηλ. 522-790.

ΠΩΛΩ έξοδο Θεσ/νίκη, 2850 μ2 (2.100.000). Τηλ. 522-790.

ΠΩΛΩ (Χαριλάου) τέρμα έναντι 60 μ2 1.850.000. Τηλ. 522-790.

ΟΙΚΟΠΕΔΑ	Προάδοκαστρο, Θέρμη, Χορτιάτη, Πυλαία, Καρδία και όλα. 282-510.

ΑΓΡΟΤΕΜΑΧΙΑ	Αγιόχωρα, Σίνδος, Αγχ. Αδενιάτο, Χορτιάτη, Πυλαία, 282-510.

ΠΩΛΕΙΤΑΙ οικόπεδο 180 τ.μ. στη Χαλκιδική. Τηλ. 265-880.

ΤΟΥΜΠΑ πωλείται οικόπεδο 250 τ.μ. Τηλ. 265-880.

ΠΩΛΕΙΤΑΙ οικόπεδο στην Αγία Τριάδα. Τηλ. 265-880.

ΠΑΝΟΡΑΜΑ, πωλείται οικόπεδο 800 τ.μ. 265-880.

ΑΝΤΙΠΑΡΟΧΗ οικόπεδο 750 μ2. Τηλ. 265-880.

ΕΛΑΙΩΝΑΣ 300 στρέμματα στη Χαλκιδική. 265-880.

ΠΩΛΕΙΤΑΙ οικόπεδο στην Αγία Τριάδα. Τηλ. 845-192.

ΑΓΡΟΤΕΜΑΧΙΟ 5 στρ. στον Χορτιάτη. Τηλ. 213-956.

ΟΙΚΟΠΕΔΟ 450 τ.μ. πωλείται στη Βασιλικά. Τηλ. Αλπινιώτης.

ΑΓΡΟΤΕΜΑΧΙΟ 8 στρ. περιοχή Βασιλικών, παραθαλάσσιο. Τηλ. 835-100.

ΑΓΡΟΤΕΜΑΧΙΑ οικόπεδα στην Τσιφλίκι, Λαγκαδά. Τηλ. 282-510.

ΟΙΚΙΣΜΟ οικόπεδο Κασσάνδρας, 200 μ2, Τηλ. 0374/22-582.

ΣΑΝΗ 1 στρ. 70.000 το στρέμμα. Τηλ. 0374/22-582.

ΠΩΛΟΥΝΤΑΙ οικόπεδα στην Κασσάνδρα με θέα θάλασσα. 0374/22-582.

ΣΤΗΝ Νέα Καλλικράτεια, οικόπεδο 620 μ2. Τηλ. 0399/31-263.

ΣΤΗ	Νέα Καλλικράτεια, οικόπεδα 250 μ2, 1.500.000. Τηλ. 0399/31-170.

ΚΑΣΣΑΝΔΡΑ, οικόπεδα σε Βαρδινά, ευκαιρία, πληρωμή, 0374/22-582.

ΠΩΛΟΥΝΤΑΙ οικόπεδα εντός σχεδίου στη Χαλκιδική. Τηλ. 0374/22-582.

ΠΡΟΣΟΧΗ	οικόπεδα, αγροτεμάχια, πωλήσεις στη Νέα Μουδανιά. 0399/31-263.

ΧΩΡΙΣ προκαταβολή, με πολλές ευκολίες, οικόπεδα Κασσάνδρα. Τηλ. 0374/22-582.

ΑΠΟ Οργανισμό οικόπεδα στη Νέα Μηχανιώνα, με θέα. Τηλ. 225-315.

ΟΙΚΟΠΕΔΑ στη Ν. Μηχανιώνα. Τηλ. 225-315.

ΖΗΤΕΙΤΑΙ οικόπεδο 500 μ2 στην Επανομή. Τηλ. 540-110.

ΜΟΝΑΔΙΚΗ ευκαιρία, οικόπεδο 1.500 μ2 στο Δήμο Επανομής. Τηλ. 421-035.

ΟΙΚΟΠΕΔΑ (Προάστιο) 700 τ.μ. Ζητείται. Τηλ. 540-362.

ΠΩΛΕΙΤΑΙ οικόπεδο 500 τ.μ. 3 στρ. Βασιλικά. Τηλ. 220-171.

ΚΑΛΛΙΚΡΑΤΕΙΑ οικόπεδα 260 μ2 πλησίον θάλασσας. Τηλ. 0399/22-155.

ΣΤΗΝ Καλλικράτεια 120 τ.μ. Τηλ. 0399/22-155.

ΠΩΛΕΙΤΑΙ οικόπεδο στην Επανομή, 300 μ2. Τηλ. 924-265.

ΚΑΛΛΙΚΡΑΤΕΙΑ οικόπεδο 600 μ2 με θέα. Τηλ. 0399/22-155.

ΠΩΛΟΥΝΤΑΙ οικόπεδα στην Καλλικράτεια. Τηλ. 0399/22-155.

ΠΩΛΕΙΤΑΙ οικόπεδο 300 μ2. Τηλ. 421-035.

ΠΕΡΑΙΑ στον δρόμο 1.800, 3, 6, 7 και 9,5 στρ. 822-548 ΣΚ.

ΠΩΛΟΥΝΤΑΙ οικόπεδα στη Χαλκιδική, 200 τ.μ. 0371/543-386.

ΣΠΑΝΙΟ πολύσπορο οικόπεδο 800 μ2 στα Βασιλικά, Τηλ. 0392/41-017.

ΟΙΚΟΠΕΔΟ Καταστημάτων στην Κερασιά, 1.000 τ.μ. 0391/31-014.

ΑΓΡΟΤΕΜΑΧΙΟ στην Χαλκιδική, 6.000 τ.μ. 0373/51-252.

ΣΤΗ Χαλκιδική Πλάκα οικόπεδα, τιμή ευκαιρίας. 0373/51-252.

ΑΓΡΟΤΕΜΑΧΙΑ στην Επανομή. Τηλ. 0392/31-110.

ΠΩΛΕΙΤΑΙ αγροτεμάχιο 2.000 μ2 στην Πλαγιάρι. 0392/31-110.

ΠΩΛΕΙΤΑΙ κτήμα 12 στρ. 0371/22-221.

ΟΥΡΑΝΟΥΠΟΛΗ, οικόπεδα 6.400 μ2. 0377/71-205.

ΠΩΛΕΙΤΑΙ αγρόκτημα 5 στρ. 835-100.

ΖΗΤΕΙΤΑΙ οικόπεδο στην περιοχή Λαγκαδά. 0394/22-220.

ΖΗΤΟΥΜΕ οικόπεδα προς αγορά στη Νέα Καλλικράτεια. 0399/22-155.

ΠΩΛΕΙΤΑΙ αγροτεμάχιο 3 στρ. 824-218.

ΖΗΤΕΙΤΑΙ Χαλκιδική οικόπεδο. Τηλ. 273-575.

ΜΗΧΑΝΙΩΝΑ και Κερασιά οικόπεδα. Τηλ. 224-325.

ΟΙΚΟΠΕΔΑ κοντά στο Ζέπκο 160 μ2. 0397/41-172.

ΠΩΛΕΙΤΑΙ αγρόκτημα 2.000 μ2. Τηλ. 491.

ΠΩΛΕΙΤΑΙ οικόπεδο 70 τ.μ. στην Καλλικράτεια. Τηλ. 733-067.

ΠΩΛΕΙΤΑΙ αγροτεμάχιο 3.100 μ2. Τηλ. 411-157.

ΠΩΛΕΙΤΑΙ οικόπεδο 2.500 τ.μ. Τηλ. 540-185.

ΖΗΤΕΙΤΑΙ οικόπεδο 240 τ.μ. στη Θέρμη. 826-200.

ΜΑΓΝΗΣΙΑ, οικόπεδο 710 μ2. Τηλ. 201-406.

ΠΩΛΕΙΤΑΙ οικόπεδο 390 τ.μ. Τηλ. 232-821.

ΣΤΗ Θέρμη, οικόπεδα πωλούνται. Τηλ. 225-315.

ΚΑΛΛΙΚΡΑΤΕΙΑ οικόπεδο 250 μ2. Τηλ. 665-198.

ΠΩΛΕΙΤΑΙ οικόπεδο 640 τ.μ. Τηλ. 539-434.

ΠΩΛΕΙΤΑΙ	οικόπεδο στο Ασβεστοχώρι. 223-500.

ΣΤΗ Καλλικράτεια οικόπεδα. Τηλ. 231-417.

ΤΡΙΛΟΦΟΣ οικόπεδο 1400 μ2. Τηλ. 214-777.

ΧΟΡΑΦΙ πωλείται 6 στρ. στη Νέα Μηχανιώνα. 275-655.

Η ΣΥΝΕΧΕΙΑ ΣΤΗΝ 16η ΣΕΛΙΔΑ.

Η ΣΥΝΕΧΕΙΑ ΣΤΗΝ 16η ΣΕΛΙΔΑ
